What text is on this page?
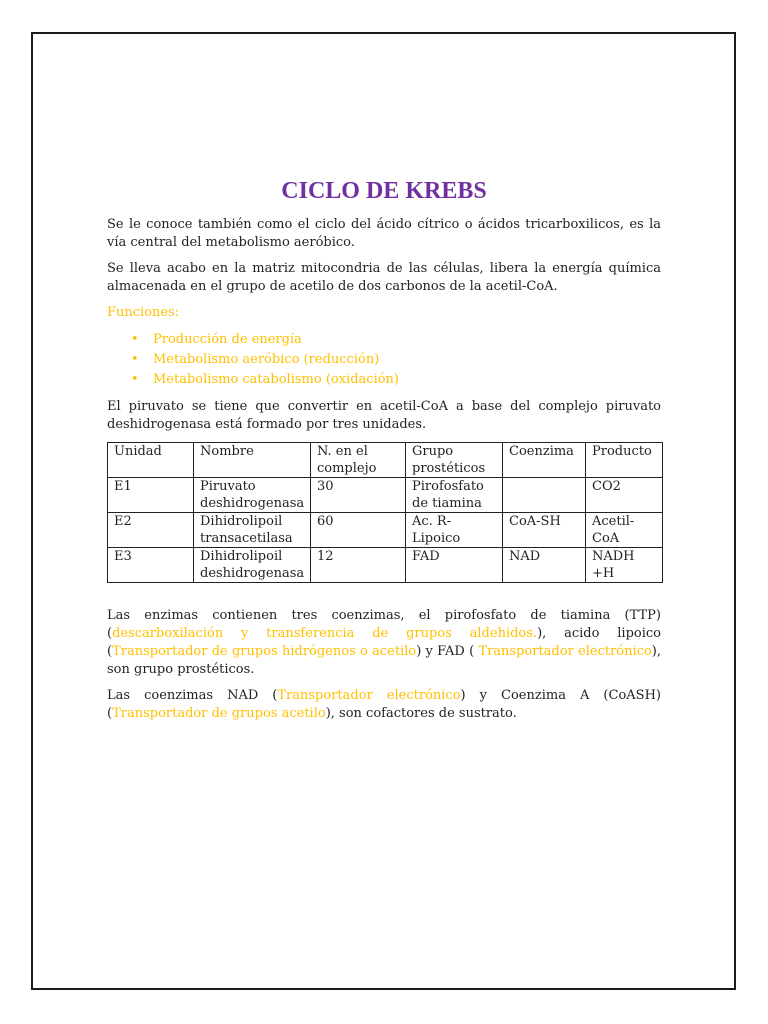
CICLO DE KREBS

Se le conoce también como el ciclo del ácido cítrico o ácidos tricarboxilicos, es la vía central del metabolismo aeróbico.

Se lleva acabo en la matriz mitocondria de las células, libera la energía química almacenada en el grupo de acetilo de dos carbonos de la acetil-CoA.

Funciones:
• Producción de energía
• Metabolismo aeróbico (reducción)
• Metabolismo catabolismo (oxidación)

El piruvato se tiene que convertir en acetil-CoA a base del complejo piruvato deshidrogenasa está formado por tres unidades.

Unidad	Nombre	N. en el complejo	Grupo prostéticos	Coenzima	Producto
E1	Piruvato deshidrogenasa	30	Pirofosfato de tiamina		CO2
E2	Dihidrolipoil transacetilasa	60	Ac. R-Lipoico	CoA-SH	Acetil-CoA
E3	Dihidrolipoil deshidrogenasa	12	FAD	NAD	NADH +H

Las enzimas contienen tres coenzimas, el pirofosfato de tiamina (TTP) (descarboxilación y transferencia de grupos aldehidos.), acido lipoico (Transportador de grupos hidrógenos o acetilo) y FAD ( Transportador electrónico), son grupo prostéticos.

Las coenzimas NAD (Transportador electrónico) y Coenzima A (CoASH) (Transportador de grupos acetilo), son cofactores de sustrato.
